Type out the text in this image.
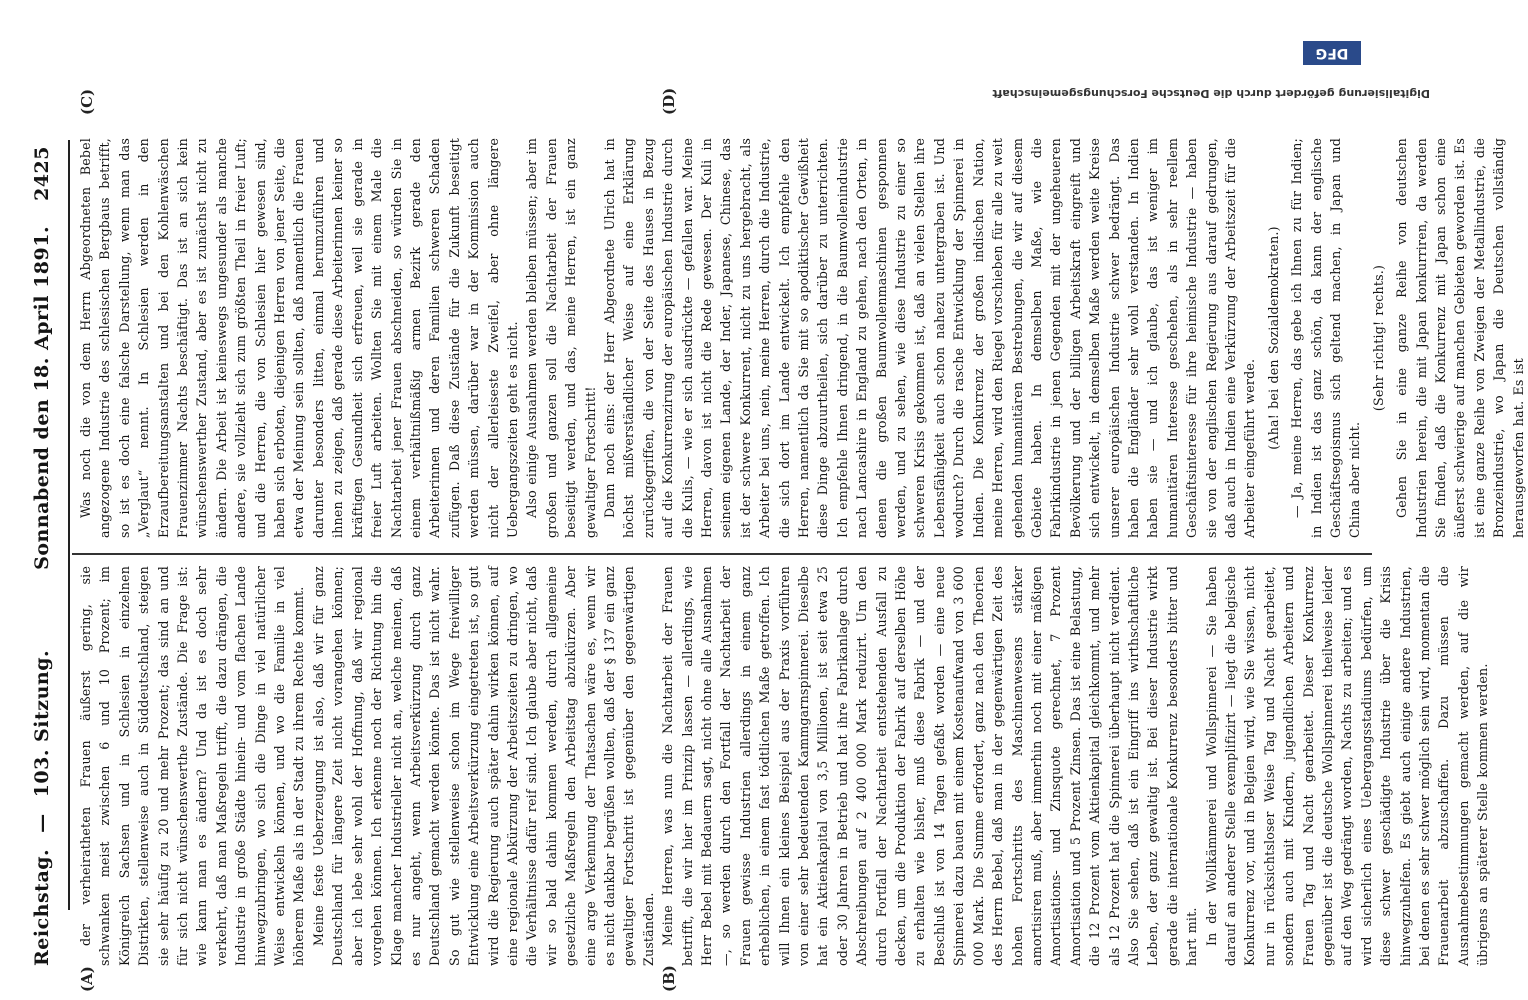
Reichstag.
—
103. Sitzung.
Sonnabend den 18. April 1891.
2425
(A)	(B)
(C)	(D)

der verheiratheten Frauen äußerst gering, sie schwanken meist zwischen 6 und 10 Prozent; im Königreich Sachsen und in Schlesien in einzelnen Distrikten, stellenweise auch in Süddeutschland, steigen sie sehr häufig zu 20 und mehr Prozent; das sind an und für sich nicht wünschenswerthe Zustände. Die Frage ist: wie kann man es ändern? Und da ist es doch sehr verkehrt, daß man Maßregeln trifft, die dazu drängen, die Industrie in große Städte hinein- und vom flachen Lande hinwegzubringen, wo sich die Dinge in viel natürlicher Weise entwickeln können, und wo die Familie in viel höherem Maße als in der Stadt zu ihrem Rechte kommt. Meine feste Ueberzeugung ist also, daß wir für ganz Deutschland für längere Zeit nicht vorangehen können; aber ich lebe sehr wohl der Hoffnung, daß wir regional vorgehen können. Ich erkenne noch der Richtung hin die Klage mancher Industrieller nicht an, welche meinen, daß es nur angeht, wenn Arbeitsverkürzung durch ganz Deutschland gemacht werden könnte. Das ist nicht wahr. So gut wie stellenweise schon im Wege freiwilliger Entwicklung eine Arbeitsverkürzung eingetreten ist, so gut wird die Regierung auch später dahin wirken können, auf eine regionale Abkürzung der Arbeitszeiten zu dringen, wo die Verhältnisse dafür reif sind. Ich glaube aber nicht, daß wir so bald dahin kommen werden, durch allgemeine gesetzliche Maßregeln den Arbeitstag abzukürzen. Aber eine arge Verkennung der Thatsachen wäre es, wenn wir es nicht dankbar begrüßen wollten, daß der § 137 ein ganz gewaltiger Fortschritt ist gegenüber den gegenwärtigen Zuständen. Meine Herren, was nun die Nachtarbeit der Frauen betrifft, die wir hier im Prinzip lassen — allerdings, wie Herr Bebel mit Bedauern sagt, nicht ohne alle Ausnahmen —, so werden durch den Fortfall der Nachtarbeit der Frauen gewisse Industrien allerdings in einem ganz erheblichen, in einem fast tödtlichen Maße getroffen. Ich will Ihnen ein kleines Beispiel aus der Praxis vorführen von einer sehr bedeutenden Kammgarnspinnerei. Dieselbe hat ein Aktienkapital von 3,5 Millionen, ist seit etwa 25 oder 30 Jahren in Betrieb und hat ihre Fabrikanlage durch Abschreibungen auf 2 400 000 Mark reduzirt. Um den durch Fortfall der Nachtarbeit entstehenden Ausfall zu decken, um die Produktion der Fabrik auf derselben Höhe zu erhalten wie bisher, muß diese Fabrik — und der Beschluß ist von 14 Tagen gefaßt worden — eine neue Spinnerei dazu bauen mit einem Kostenaufwand von 3 600 000 Mark. Die Summe erfordert, ganz nach den Theorien des Herrn Bebel, daß man in der gegenwärtigen Zeit des hohen Fortschritts des Maschinenwesens stärker amortisiren muß, aber immerhin noch mit einer mäßigen Amortisations- und Zinsquote gerechnet, 7 Prozent Amortisation und 5 Prozent Zinsen. Das ist eine Belastung, die 12 Prozent vom Aktienkapital gleichkommt, und mehr als 12 Prozent hat die Spinnerei überhaupt nicht verdient. Also Sie sehen, daß ist ein Eingriff ins wirthschaftliche Leben, der ganz gewaltig ist. Bei dieser Industrie wirkt gerade die internationale Konkurrenz besonders bitter und hart mit. In der Wollkämmerei und Wollspinnerei — Sie haben darauf an anderer Stelle exemplifizirt — liegt die belgische Konkurrenz vor, und in Belgien wird, wie Sie wissen, nicht nur in rücksichtsloser Weise Tag und Nacht gearbeitet, sondern auch mit Kindern, jugendlichen Arbeitern und Frauen Tag und Nacht gearbeitet. Dieser Konkurrenz gegenüber ist die deutsche Wollspinnerei theilweise leider auf den Weg gedrängt worden, Nachts zu arbeiten; und es wird sicherlich eines Uebergangsstadiums bedürfen, um diese schwer geschädigte Industrie über die Krisis hinwegzuhelfen. Es giebt auch einige andere Industrien, bei denen es sehr schwer möglich sein wird, momentan die Frauenarbeit abzuschaffen. Dazu müssen die Ausnahmebestimmungen gemacht werden, auf die wir übrigens an späterer Stelle kommen werden.

Was noch die von dem Herrn Abgeordneten Bebel angezogene Industrie des schlesischen Bergbaus betrifft, so ist es doch eine falsche Darstellung, wenn man das „Verglaut“ nennt. In Schlesien werden in den Erzaufbereitungsanstalten und bei den Kohlenwäschen Frauenzimmer Nachts beschäftigt. Das ist an sich kein wünschenswerther Zustand, aber es ist zunächst nicht zu ändern. Die Arbeit ist keineswegs ungesunder als manche andere, sie vollzieht sich zum größten Theil in freier Luft; und die Herren, die von Schlesien hier gewesen sind, haben sich erboten, diejenigen Herren von jener Seite, die etwa der Meinung sein sollten, daß namentlich die Frauen darunter besonders litten, einmal herumzuführen und ihnen zu zeigen, daß gerade diese Arbeiterinnen keiner so kräftigen Gesundheit sich erfreuen, weil sie gerade in freier Luft arbeiten. Wollten Sie mit einem Male die Nachtarbeit jener Frauen abschneiden, so würden Sie in einem verhältnißmäßig armen Bezirk gerade den Arbeiterinnen und deren Familien schweren Schaden zufügen. Daß diese Zustände für die Zukunft beseitigt werden müssen, darüber war in der Kommission auch nicht der allerleiseste Zweifel, aber ohne längere Uebergangszeiten geht es nicht. Also einige Ausnahmen werden bleiben müssen; aber im großen und ganzen soll die Nachtarbeit der Frauen beseitigt werden, und das, meine Herren, ist ein ganz gewaltiger Fortschritt! Dann noch eins: der Herr Abgeordnete Ulrich hat in höchst mißverständlicher Weise auf eine Erklärung zurückgegriffen, die von der Seite des Hauses in Bezug auf die Konkurrenzirung der europäischen Industrie durch die Kulis, — wie er sich ausdrückte — gefallen war. Meine Herren, davon ist nicht die Rede gewesen. Der Kuli in seinem eigenen Lande, der Inder, Japanese, Chinese, das ist der schwere Konkurrent, nicht zu uns hergebracht, als Arbeiter bei uns, nein, meine Herren, durch die Industrie, die sich dort im Lande entwickelt. Ich empfehle den Herren, namentlich da Sie mit so apodiktischer Gewißheit diese Dinge abzuurtheilen, sich darüber zu unterrichten. Ich empfehle Ihnen dringend, in die Baumwollenindustrie nach Lancashire in England zu gehen, nach den Orten, in denen die großen Baumwollenmaschinen gesponnen werden, und zu sehen, wie diese Industrie zu einer so schweren Krisis gekommen ist, daß an vielen Stellen ihre Lebensfähigkeit auch schon nahezu untergraben ist. Und wodurch? Durch die rasche Entwicklung der Spinnerei in Indien. Die Konkurrenz der großen indischen Nation, meine Herren, wird den Riegel vorschieben für alle zu weit gehenden humanitären Bestrebungen, die wir auf diesem Gebiete haben. In demselben Maße, wie die Fabrikindustrie in jenen Gegenden mit der ungeheueren Bevölkerung und der billigen Arbeitskraft eingreift und sich entwickelt, in demselben Maße werden weite Kreise unserer europäischen Industrie schwer bedrängt. Das haben die Engländer sehr wohl verstanden. In Indien haben sie — und ich glaube, das ist weniger im humanitären Interesse geschehen, als in sehr reellem Geschäftsinteresse für ihre heimische Industrie — haben sie von der englischen Regierung aus darauf gedrungen, daß auch in Indien eine Verkürzung der Arbeitszeit für die Arbeiter eingeführt werde. (Aha! bei den Sozialdemokraten.) — Ja, meine Herren, das gebe ich Ihnen zu für Indien; in Indien ist das ganz schön, da kann der englische Geschäftsegoismus sich geltend machen, in Japan und China aber nicht.

(Sehr richtig! rechts.) Gehen Sie in eine ganze Reihe von deutschen Industrien herein, die mit Japan konkurriren, da werden Sie finden, daß die Konkurrenz mit Japan schon eine äußerst schwierige auf manchen Gebieten geworden ist. Es ist eine ganze Reihe von Zweigen der Metallindustrie, die Bronzeindustrie, wo Japan die Deutschen vollständig herausgeworfen hat. Es ist

Digitalisierung gefördert durch die Deutsche Forschungsgemeinschaft
DFG
